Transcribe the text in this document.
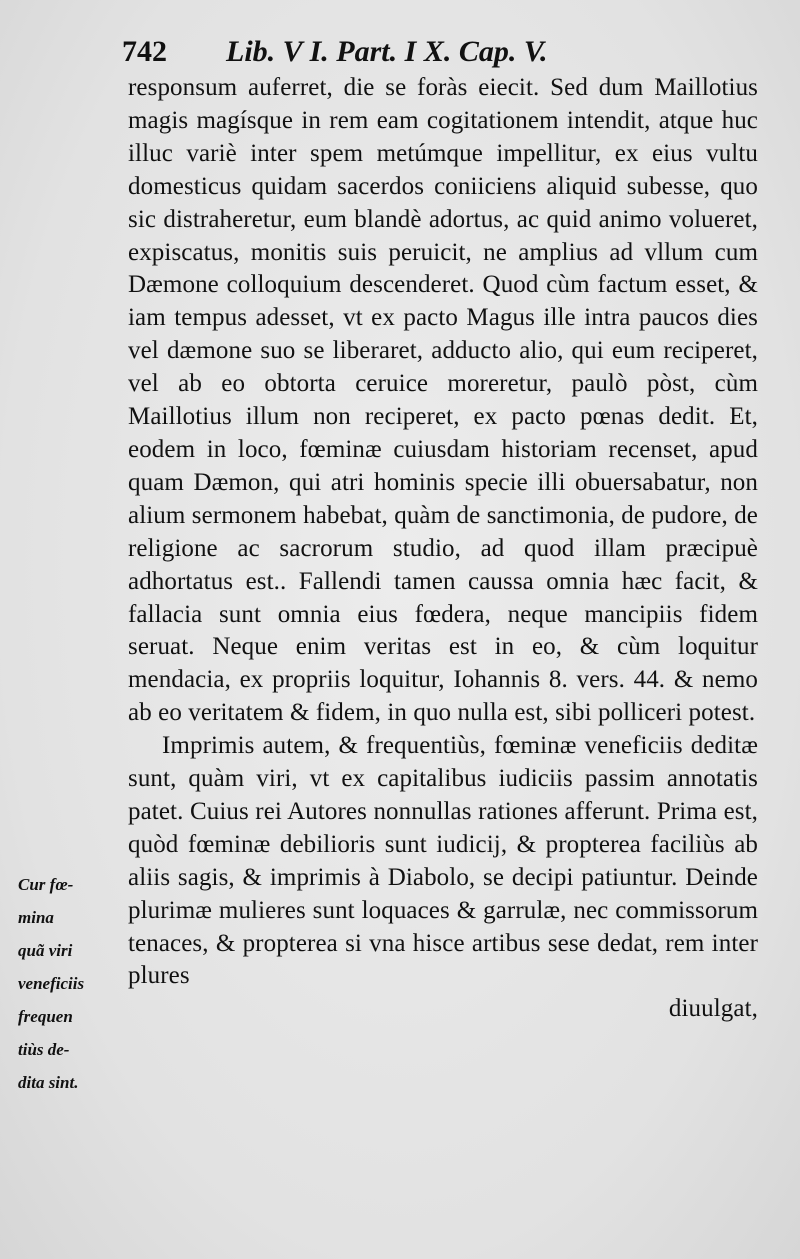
742 Lib. V I. Part. I X. Cap. V.

responsum auferret, die se foràs eiecit. Sed dum Maillotius magis magísque in rem eam cogitationem intendit, atque huc illuc variè inter spem metúmque impellitur, ex eius vultu domesticus quidam sacerdos coniiciens aliquid subesse, quo sic distraheretur, eum blandè adortus, ac quid animo volueret, expiscatus, monitis suis peruicit, ne amplius ad vllum cum Dæmone colloquium descenderet. Quod cùm factum esset, & iam tempus adesset, vt ex pacto Magus ille intra paucos dies vel dæmone suo se liberaret, adducto alio, qui eum reciperet, vel ab eo obtorta ceruice moreretur, paulò pòst, cùm Maillotius illum non reciperet, ex pacto pœnas dedit. Et, eodem in loco, fœminæ cuiusdam historiam recenset, apud quam Dæmon, qui atri hominis specie illi obuersabatur, non alium sermonem habebat, quàm de sanctimonia, de pudore, de religione ac sacrorum studio, ad quod illam præcipuè adhortatus est.. Fallendi tamen caussa omnia hæc facit, & fallacia sunt omnia eius fœdera, neque mancipiis fidem seruat. Neque enim veritas est in eo, & cùm loquitur mendacia, ex propriis loquitur, Iohannis 8. vers. 44. & nemo ab eo veritatem & fidem, in quo nulla est, sibi polliceri potest.

Imprimis autem, & frequentiùs, fœminæ veneficiis deditæ sunt, quàm viri, vt ex capitalibus iudiciis passim annotatis patet. Cuius rei Autores nonnullas rationes afferunt. Prima est, quòd fœminæ debilioris sunt iudicij, & propterea faciliùs ab aliis sagis, & imprimis à Diabolo, se decipi patiuntur. Deinde plurimæ mulieres sunt loquaces & garrulæ, nec commissorum tenaces, & propterea si vna hisce artibus sese dedat, rem inter plures

diuulgat,

Cur fœ-
mina
quã viri
veneficiis
frequen
tiùs de-
dita sint.
